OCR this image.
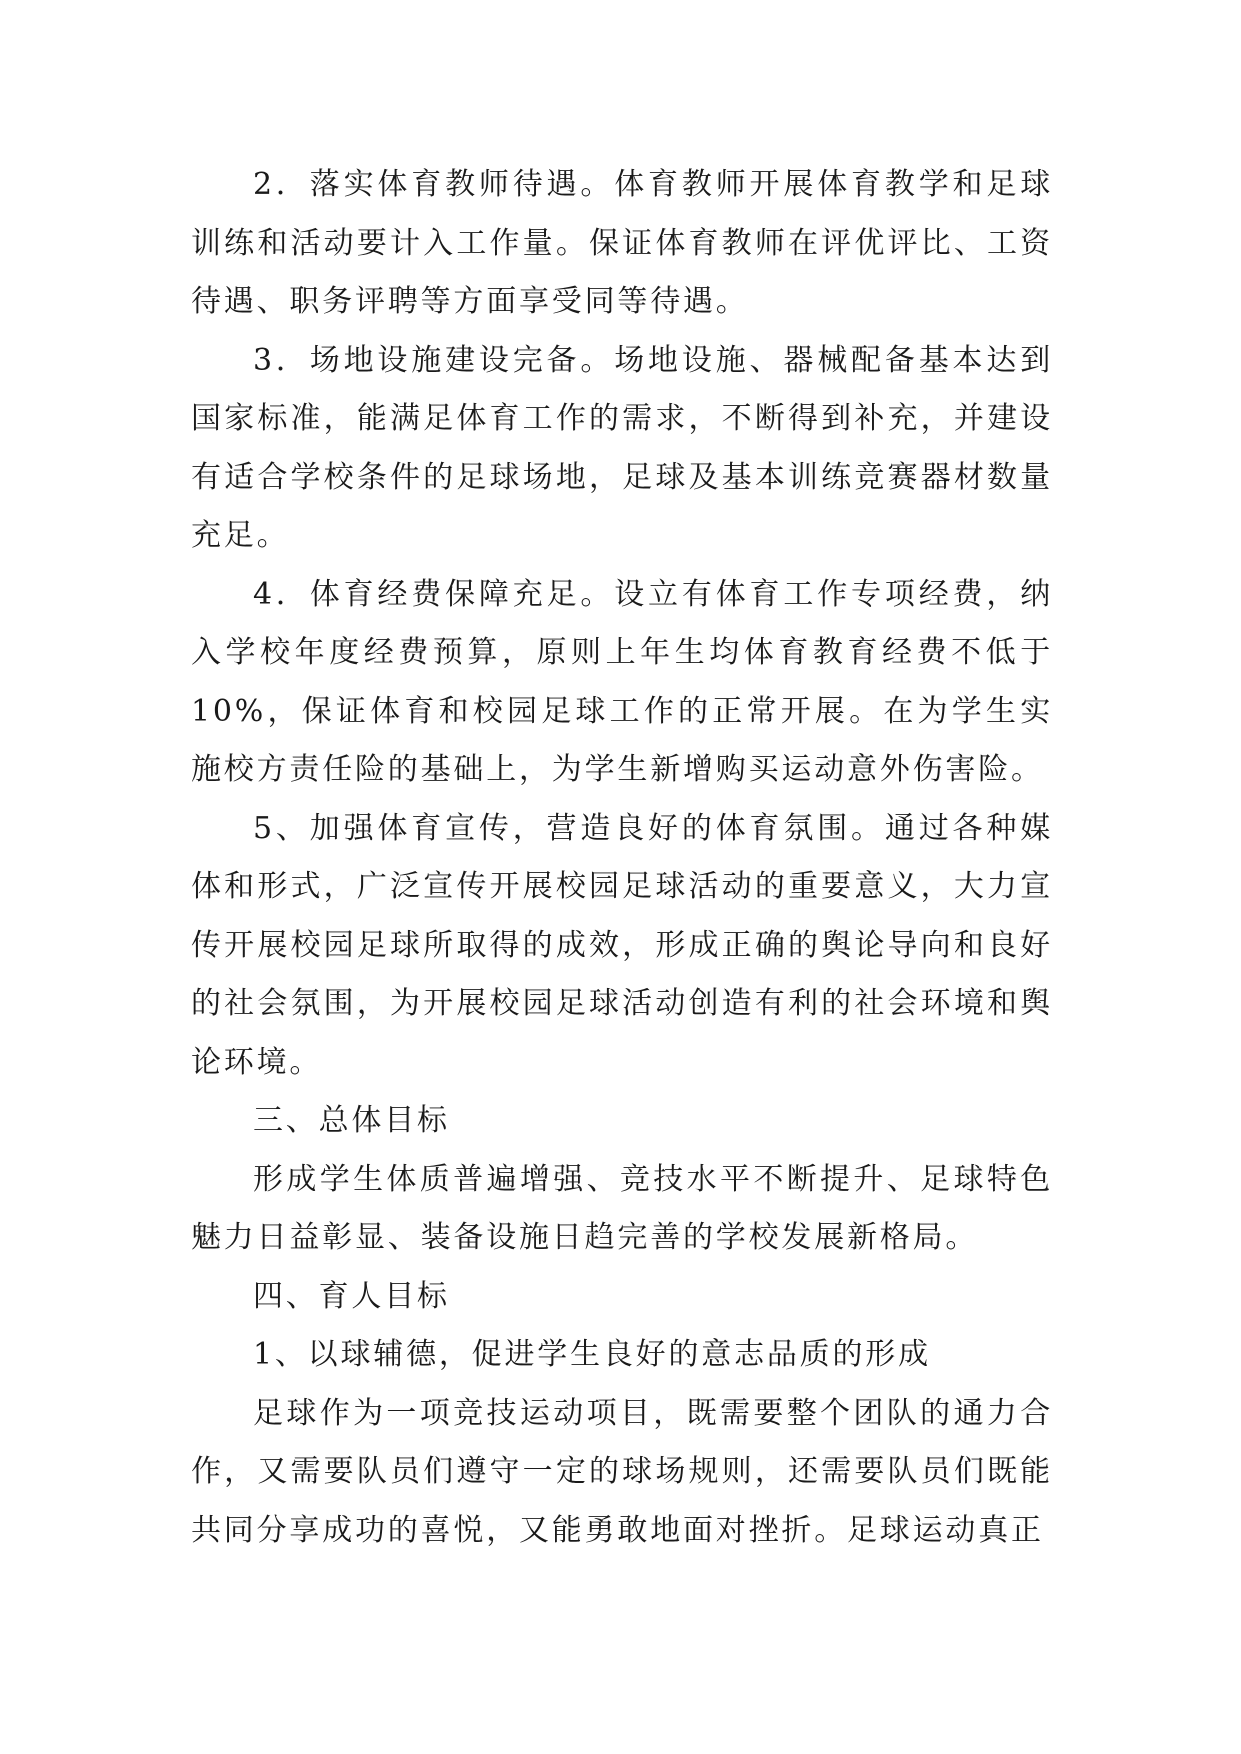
2．落实体育教师待遇。体育教师开展体育教学和足球训练和活动要计入工作量。保证体育教师在评优评比、工资待遇、职务评聘等方面享受同等待遇。

3．场地设施建设完备。场地设施、器械配备基本达到国家标准，能满足体育工作的需求，不断得到补充，并建设有适合学校条件的足球场地，足球及基本训练竞赛器材数量充足。

4．体育经费保障充足。设立有体育工作专项经费，纳入学校年度经费预算，原则上年生均体育教育经费不低于10%，保证体育和校园足球工作的正常开展。在为学生实施校方责任险的基础上，为学生新增购买运动意外伤害险。

5、加强体育宣传，营造良好的体育氛围。通过各种媒体和形式，广泛宣传开展校园足球活动的重要意义，大力宣传开展校园足球所取得的成效，形成正确的舆论导向和良好的社会氛围，为开展校园足球活动创造有利的社会环境和舆论环境。

三、总体目标

形成学生体质普遍增强、竞技水平不断提升、足球特色魅力日益彰显、装备设施日趋完善的学校发展新格局。

四、育人目标

1、以球辅德，促进学生良好的意志品质的形成

足球作为一项竞技运动项目，既需要整个团队的通力合作，又需要队员们遵守一定的球场规则，还需要队员们既能共同分享成功的喜悦，又能勇敢地面对挫折。足球运动真正
